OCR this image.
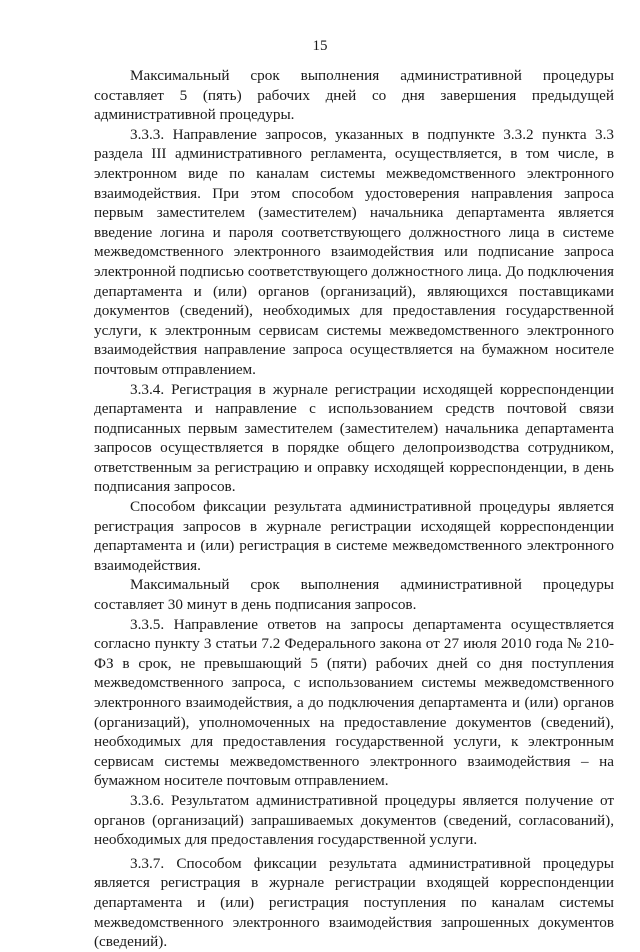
15

Максимальный срок выполнения административной процедуры составляет 5 (пять) рабочих дней со дня завершения предыдущей административной процедуры.

3.3.3. Направление запросов, указанных в подпункте 3.3.2 пункта 3.3 раздела III административного регламента, осуществляется, в том числе, в электронном виде по каналам системы межведомственного электронного взаимодействия. При этом способом удостоверения направления запроса первым заместителем (заместителем) начальника департамента является введение логина и пароля соответствующего должностного лица в системе межведомственного электронного взаимодействия или подписание запроса электронной подписью соответствующего должностного лица. До подключения департамента и (или) органов (организаций), являющихся поставщиками документов (сведений), необходимых для предоставления государственной услуги, к электронным сервисам системы межведомственного электронного взаимодействия направление запроса осуществляется на бумажном носителе почтовым отправлением.

3.3.4. Регистрация в журнале регистрации исходящей корреспонденции департамента и направление с использованием средств почтовой связи подписанных первым заместителем (заместителем) начальника департамента запросов осуществляется в порядке общего делопроизводства сотрудником, ответственным за регистрацию и оправку исходящей корреспонденции, в день подписания запросов.

Способом фиксации результата административной процедуры является регистрация запросов в журнале регистрации исходящей корреспонденции департамента и (или) регистрация в системе межведомственного электронного взаимодействия.

Максимальный срок выполнения административной процедуры составляет 30 минут в день подписания запросов.

3.3.5. Направление ответов на запросы департамента осуществляется согласно пункту 3 статьи 7.2 Федерального закона от 27 июля 2010 года № 210-ФЗ в срок, не превышающий 5 (пяти) рабочих дней со дня поступления межведомственного запроса, с использованием системы межведомственного электронного взаимодействия, а до подключения департамента и (или) органов (организаций), уполномоченных на предоставление документов (сведений), необходимых для предоставления государственной услуги, к электронным сервисам системы межведомственного электронного взаимодействия – на бумажном носителе почтовым отправлением.

3.3.6. Результатом административной процедуры является получение от органов (организаций) запрашиваемых документов (сведений, согласований), необходимых для предоставления государственной услуги.

3.3.7. Способом фиксации результата административной процедуры является регистрация в журнале регистрации входящей корреспонденции департамента и (или) регистрация поступления по каналам системы межведомственного электронного взаимодействия запрошенных документов (сведений).
